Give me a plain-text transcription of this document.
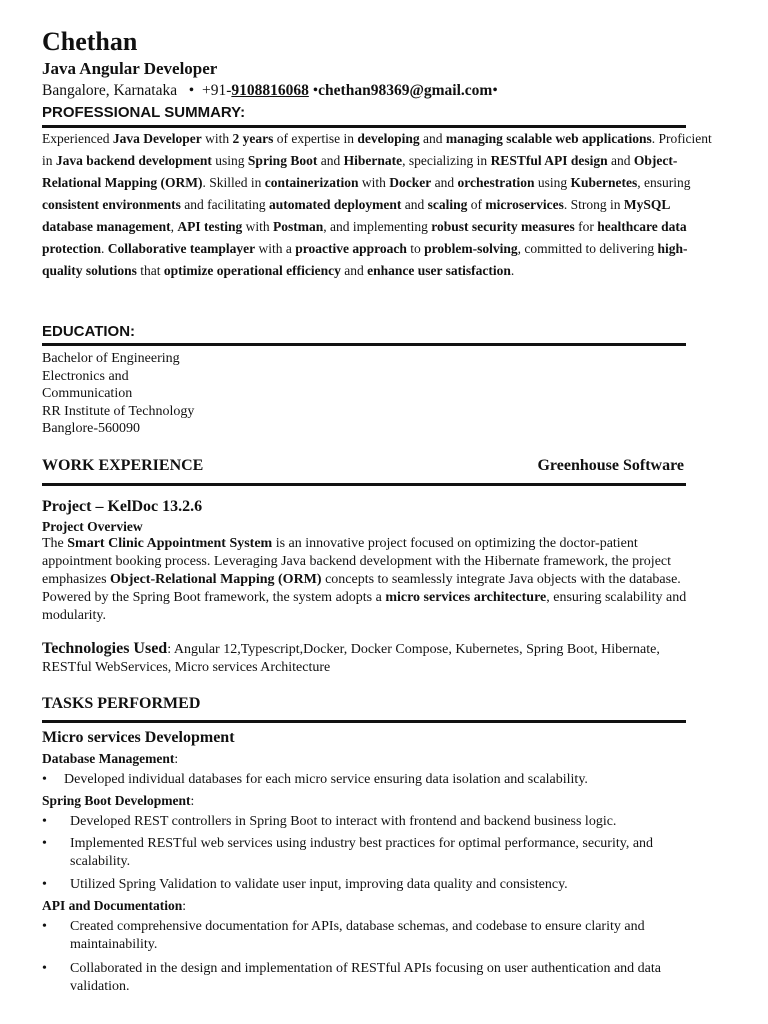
Chethan
Java Angular Developer
Bangalore, Karnataka • +91-9108816068 •chethan98369@gmail.com•
PROFESSIONAL SUMMARY:
Experienced Java Developer with 2 years of expertise in developing and managing scalable web applications. Proficient in Java backend development using Spring Boot and Hibernate, specializing in RESTful API design and Object-Relational Mapping (ORM). Skilled in containerization with Docker and orchestration using Kubernetes, ensuring consistent environments and facilitating automated deployment and scaling of microservices. Strong in MySQL database management, API testing with Postman, and implementing robust security measures for healthcare data protection. Collaborative teamplayer with a proactive approach to problem-solving, committed to delivering high-quality solutions that optimize operational efficiency and enhance user satisfaction.
EDUCATION:
Bachelor of Engineering
Electronics and
Communication
RR Institute of Technology
Banglore-560090
WORK EXPERIENCE	Greenhouse Software
Project – KelDoc 13.2.6
Project Overview
The Smart Clinic Appointment System is an innovative project focused on optimizing the doctor-patient appointment booking process. Leveraging Java backend development with the Hibernate framework, the project emphasizes Object-Relational Mapping (ORM) concepts to seamlessly integrate Java objects with the database. Powered by the Spring Boot framework, the system adopts a micro services architecture, ensuring scalability and modularity.
Technologies Used: Angular 12,Typescript,Docker, Docker Compose, Kubernetes, Spring Boot, Hibernate, RESTful WebServices, Micro services Architecture
TASKS PERFORMED
Micro services Development
Database Management:
•	Developed individual databases for each micro service ensuring data isolation and scalability.
Spring Boot Development:
•	Developed REST controllers in Spring Boot to interact with frontend and backend business logic.
•	Implemented RESTful web services using industry best practices for optimal performance, security, and scalability.
•	Utilized Spring Validation to validate user input, improving data quality and consistency.
API and Documentation:
•	Created comprehensive documentation for APIs, database schemas, and codebase to ensure clarity and maintainability.
•	Collaborated in the design and implementation of RESTful APIs focusing on user authentication and data validation.
